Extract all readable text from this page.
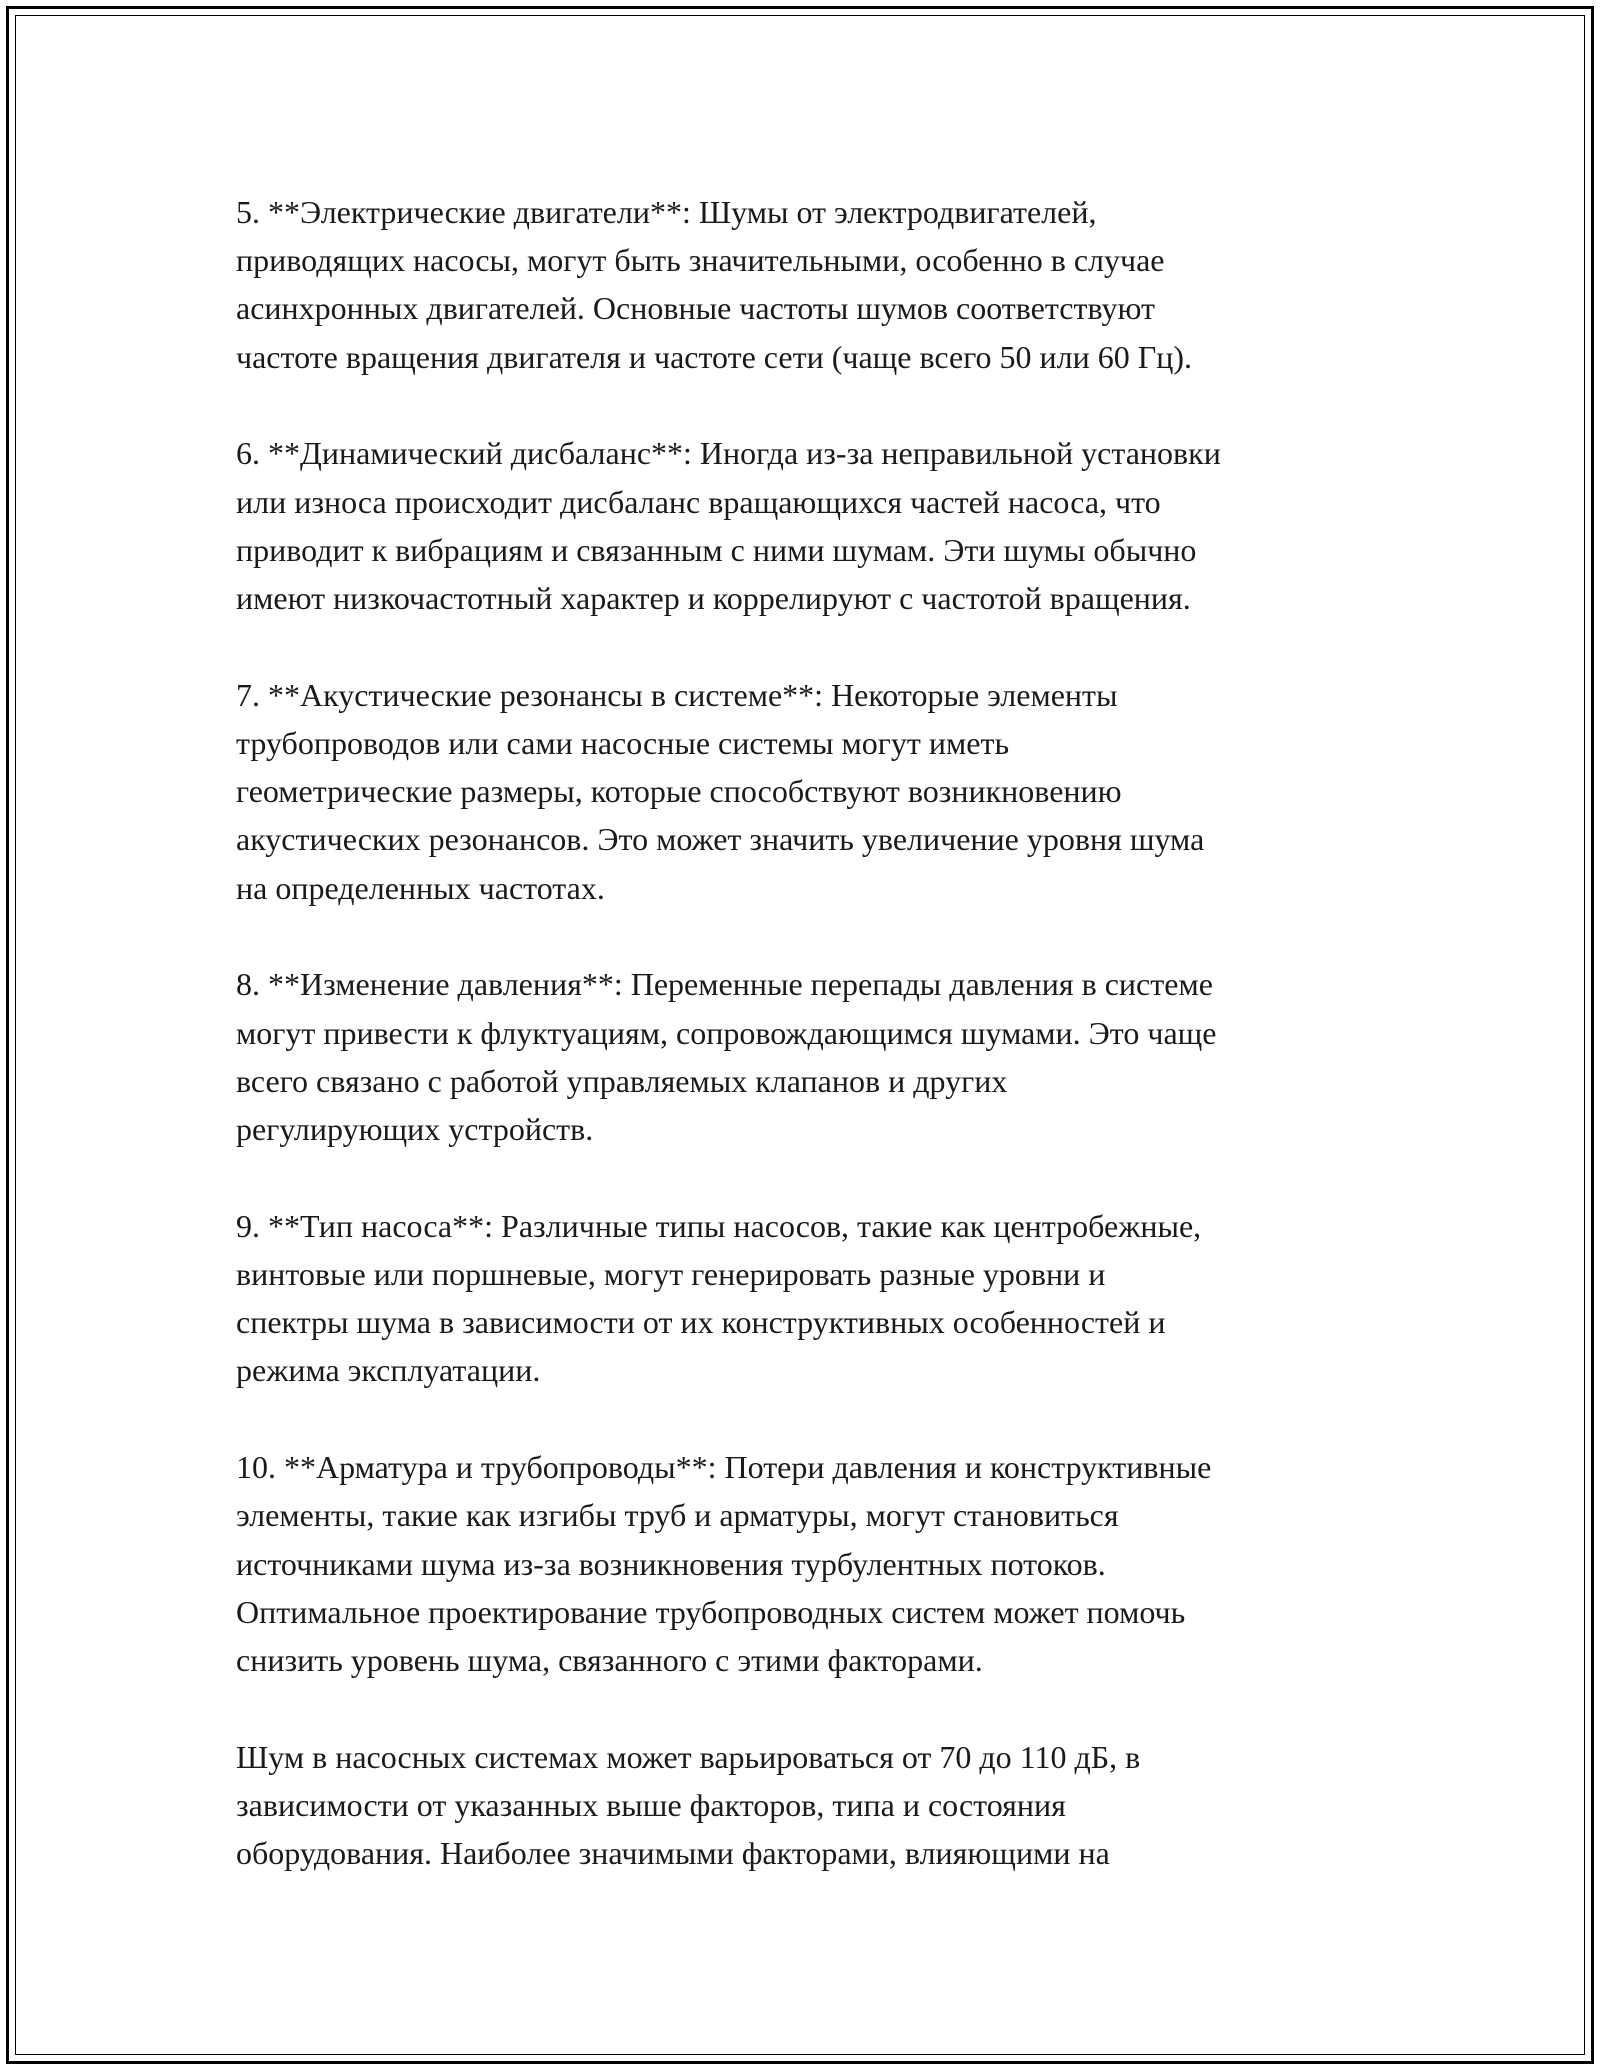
5. **Электрические двигатели**: Шумы от электродвигателей,
приводящих насосы, могут быть значительными, особенно в случае
асинхронных двигателей. Основные частоты шумов соответствуют
частоте вращения двигателя и частоте сети (чаще всего 50 или 60 Гц).

6. **Динамический дисбаланс**: Иногда из-за неправильной установки
или износа происходит дисбаланс вращающихся частей насоса, что
приводит к вибрациям и связанным с ними шумам. Эти шумы обычно
имеют низкочастотный характер и коррелируют с частотой вращения.

7. **Акустические резонансы в системе**: Некоторые элементы
трубопроводов или сами насосные системы могут иметь
геометрические размеры, которые способствуют возникновению
акустических резонансов. Это может значить увеличение уровня шума
на определенных частотах.

8. **Изменение давления**: Переменные перепады давления в системе
могут привести к флуктуациям, сопровождающимся шумами. Это чаще
всего связано с работой управляемых клапанов и других
регулирующих устройств.

9. **Тип насоса**: Различные типы насосов, такие как центробежные,
винтовые или поршневые, могут генерировать разные уровни и
спектры шума в зависимости от их конструктивных особенностей и
режима эксплуатации.

10. **Арматура и трубопроводы**: Потери давления и конструктивные
элементы, такие как изгибы труб и арматуры, могут становиться
источниками шума из-за возникновения турбулентных потоков.
Оптимальное проектирование трубопроводных систем может помочь
снизить уровень шума, связанного с этими факторами.

Шум в насосных системах может варьироваться от 70 до 110 дБ, в
зависимости от указанных выше факторов, типа и состояния
оборудования. Наиболее значимыми факторами, влияющими на
